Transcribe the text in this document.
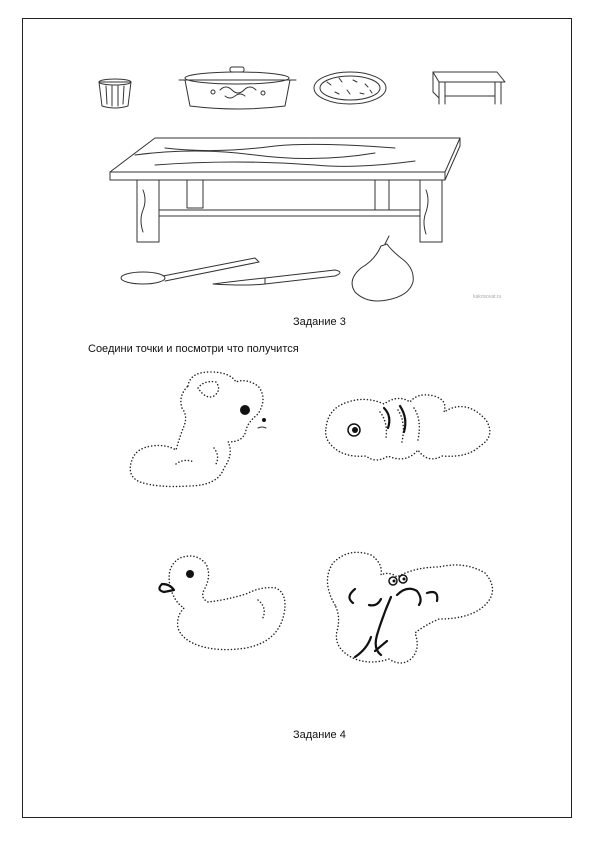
kakrisovat.ru
Задание 3
Соедини точки и посмотри что получится
Задание 4
